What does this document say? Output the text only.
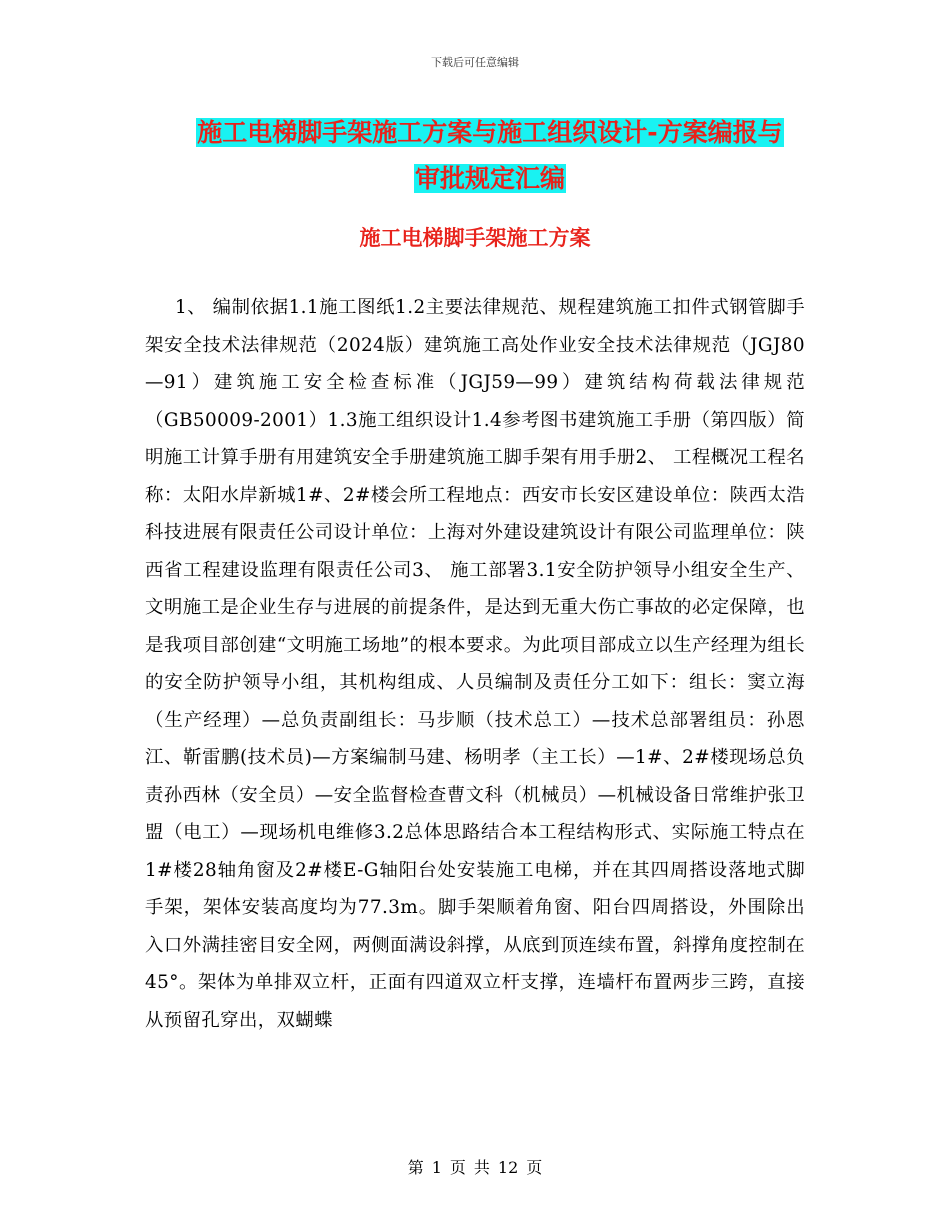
下载后可任意编辑
施工电梯脚手架施工方案与施工组织设计-方案编报与
审批规定汇编
施工电梯脚手架施工方案

1、 编制依据1.1施工图纸1.2主要法律规范、规程建筑施工扣件式钢管脚手架安全技术法律规范（2024版）建筑施工高处作业安全技术法律规范（JGJ80—91）建筑施工安全检查标准（JGJ59—99）建筑结构荷载法律规范（GB50009-2001）1.3施工组织设计1.4参考图书建筑施工手册（第四版）简明施工计算手册有用建筑安全手册建筑施工脚手架有用手册2、 工程概况工程名称：太阳水岸新城1#、2#楼会所工程地点：西安市长安区建设单位：陕西太浩科技进展有限责任公司设计单位：上海对外建设建筑设计有限公司监理单位：陕西省工程建设监理有限责任公司3、 施工部署3.1安全防护领导小组安全生产、文明施工是企业生存与进展的前提条件，是达到无重大伤亡事故的必定保障，也是我项目部创建“文明施工场地”的根本要求。为此项目部成立以生产经理为组长的安全防护领导小组，其机构组成、人员编制及责任分工如下：组长：窦立海（生产经理）—总负责副组长：马步顺（技术总工）—技术总部署组员：孙恩江、靳雷鹏(技术员)—方案编制马建、杨明孝（主工长）—1#、2#楼现场总负责孙西林（安全员）—安全监督检查曹文科（机械员）—机械设备日常维护张卫盟（电工）—现场机电维修3.2总体思路结合本工程结构形式、实际施工特点在1#楼28轴角窗及2#楼E-G轴阳台处安装施工电梯，并在其四周搭设落地式脚手架，架体安装高度均为77.3m。脚手架顺着角窗、阳台四周搭设，外围除出入口外满挂密目安全网，两侧面满设斜撑，从底到顶连续布置，斜撑角度控制在45°。架体为单排双立杆，正面有四道双立杆支撑，连墙杆布置两步三跨，直接从预留孔穿出，双蝴蝶

第 1 页 共 12 页
